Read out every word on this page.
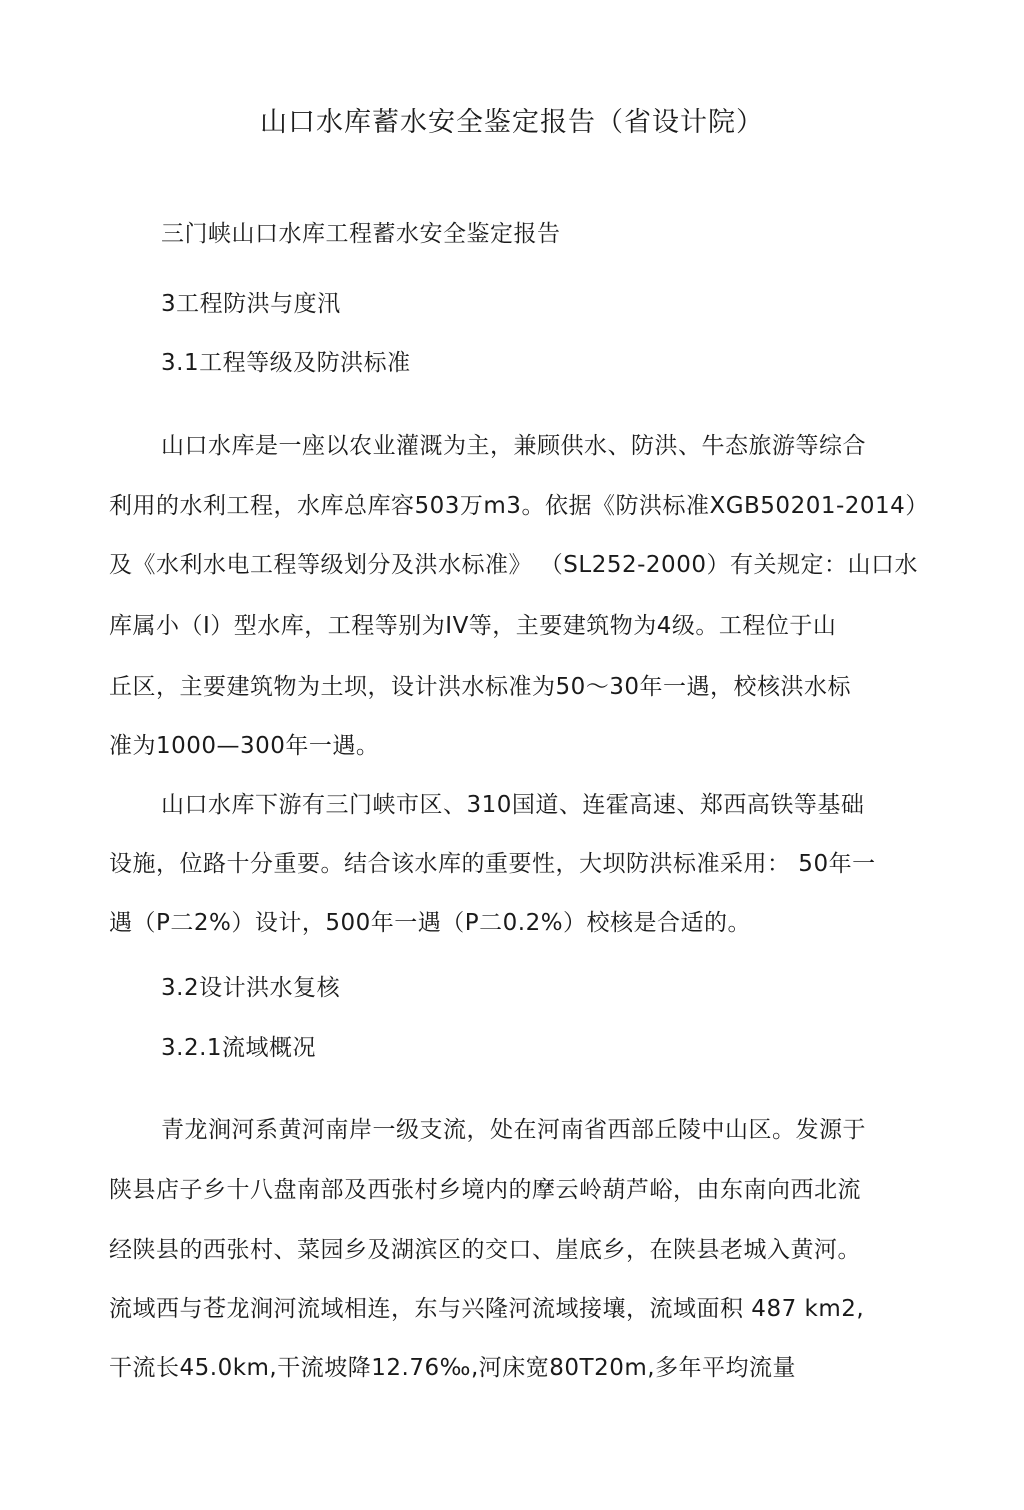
山口水库蓄水安全鉴定报告（省设计院）
三门峡山口水库工程蓄水安全鉴定报告
3工程防洪与度汛
3.1工程等级及防洪标准
山口水库是一座以农业灌溉为主，兼顾供水、防洪、牛态旅游等综合
利用的水利工程，水库总库容503万m3。依据《防洪标准XGB50201-2014）
及《水利水电工程等级划分及洪水标准》 （SL252-2000）有关规定：山口水
库属小（I）型水库，工程等别为IV等，主要建筑物为4级。工程位于山
丘区，主要建筑物为土坝，设计洪水标准为50〜30年一遇，校核洪水标
准为1000—300年一遇。
山口水库下游有三门峡市区、310国道、连霍高速、郑西高铁等基础
设施，位路十分重要。结合该水库的重要性，大坝防洪标准采用： 50年一
遇（P二2%）设计，500年一遇（P二0.2%）校核是合适的。
3.2设计洪水复核
3.2.1流域概况
青龙涧河系黄河南岸一级支流，处在河南省西部丘陵中山区。发源于
陕县店子乡十八盘南部及西张村乡境内的摩云岭葫芦峪，由东南向西北流
经陕县的西张村、菜园乡及湖滨区的交口、崖底乡，在陕县老城入黄河。
流域西与苍龙涧河流域相连，东与兴隆河流域接壤，流域面积 487 km2,
干流长45.0km,干流坡降12.76‰,河床宽80T20m,多年平均流量
